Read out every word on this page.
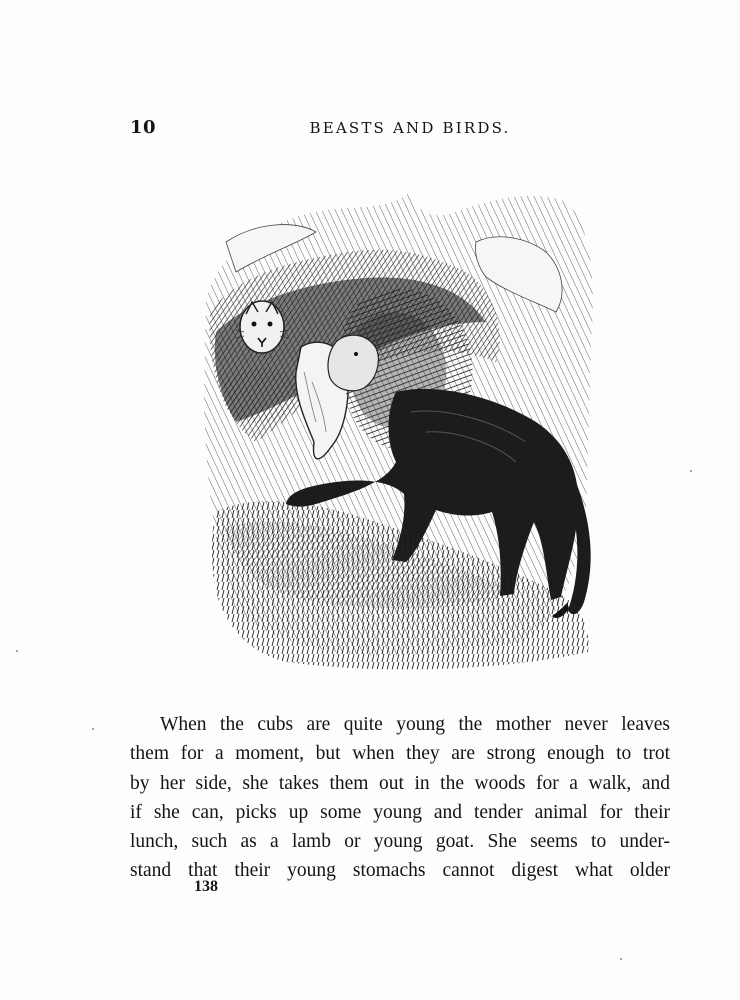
10	BEASTS AND BIRDS.
When the cubs are quite young the mother never leaves
them for a moment, but when they are strong enough to trot
by her side, she takes them out in the woods for a walk, and
if she can, picks up some young and tender animal for their
lunch, such as a lamb or young goat. She seems to under-
stand that their young stomachs cannot digest what older
138
